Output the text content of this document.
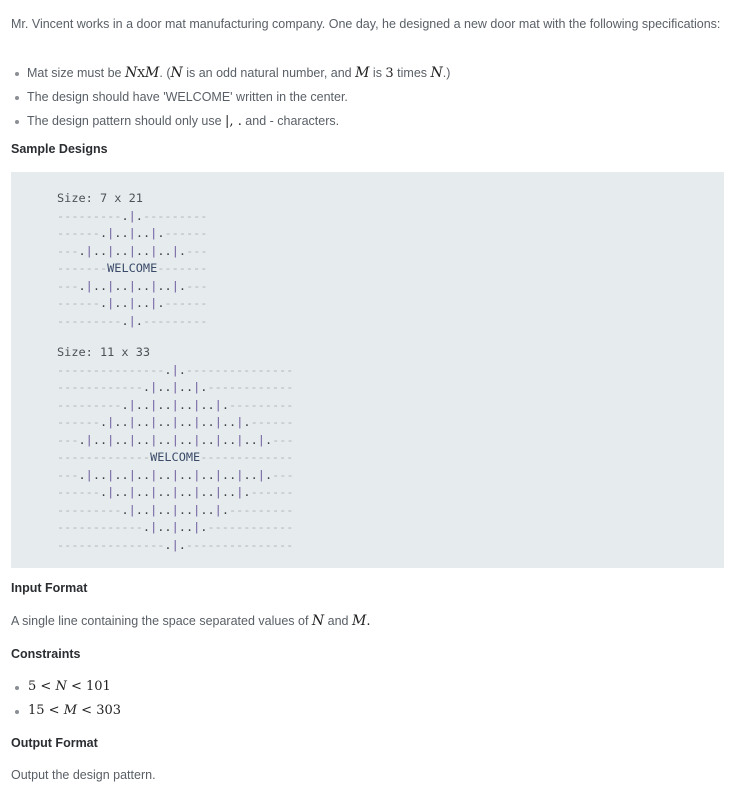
Mr. Vincent works in a door mat manufacturing company. One day, he designed a new door mat with the following specifications:

Mat size must be NXM. (N is an odd natural number, and M is 3 times N.)
The design should have 'WELCOME' written in the center.
The design pattern should only use |, . and - characters.
Sample Designs
Size: 7 x 21
---------.|.---------
------.|..|..|.------
---.|..|..|..|..|.---
-------WELCOME-------
---.|..|..|..|..|.---
------.|..|..|.------
---------.|.---------
Size: 11 x 33
---------------.|.---------------
------------.|..|..|.------------
---------.|..|..|..|..|.---------
------.|..|..|..|..|..|..|.------
---.|..|..|..|..|..|..|..|..|.---
-------------WELCOME-------------
---.|..|..|..|..|..|..|..|..|.---
------.|..|..|..|..|..|..|.------
---------.|..|..|..|..|.---------
------------.|..|..|.------------
---------------.|.---------------
Input Format

A single line containing the space separated values of N and M.

Constraints
5 < N < 101
15 < M < 303
Output Format

Output the design pattern.
